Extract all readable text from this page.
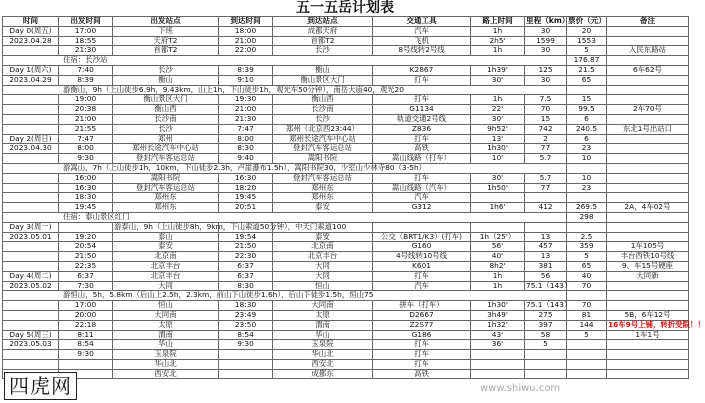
五一五岳计划表
时间	出发时间	出发站点	到达时间	到达站点	交通工具	路上时间	里程（km）	票价（元）	备注
Day 0(周五)	17:00	下班	18:00	成都天府	汽车	1h	30	20	
2023.04.28	18:55	天府T2	21:00	首都T2	飞机	2h5'	1599	1553	
	21:30	首都T2	22:00	长沙	8号线转2号线	1h	30	5	入民东路站
住宿：长沙站								176.87	
Day 1(周六)	7:40	长沙	8:39	衡山	K2867	1h39'	125	21.5	6车62号
2023.04.29	8:39	衡山	9:10	衡山景区大门	打车	30'	30	65	
游衡山，9h（上山徒步6.9h，9.43km，山上1h，下山徒步1h，观光车50分钟），南岳大庙40，观光20									
	19:00	衡山景区大门	19:30	衡山西	打车	1h	7.5	15	
	20:38	衡山西	21:00	长沙南	G1134	22'	70	99.5	2车70号
	21:00	长沙南	21:30	长沙	轨道交通2号线	30'	15	6	
	21:55	长沙	7:47	郑州（北京西23:44）	Z836	9h52'	742	240.5	东北1号出站口
Day 2(周日)	7:47	郑州	8:00	郑州长途汽车中心站	打车	13'	2	6	
2023.04.30	8:00	郑州长途汽车中心站	8:30	登封汽车客运总站	高铁	1h30'	77	23	
	9:30	登封汽车客运总站	9:40	嵩阳书院	嵩山线路（打车）	10'	5.7	10	
游嵩山，7h（上山徒步1h，10km，下山徒步2.3h，卢崖瀑布1.5h），嵩阳书院30，少室山少林寺80（3-5h）									
	16:00	嵩阳书院	16:30	登封汽车客运总站	打车	30'	5.7	10	
	16:30	登封汽车客运总站	18:20	郑州东	嵩山线路（汽车）	1h50'	77	23	
	18:30	郑州东	19:45	郑州东	汽车				
	19:45	郑州东	20:51	泰安	G312	1h6'	412	269.5	2A，4车02号
住宿：泰山景区红门								298	
Day 3(周一)		游泰山，9h（上山徒步8h，9km，下山索道50分钟），中天门索道100							
2023.05.01	19:20	泰山	19:54	泰安	公交（BRT1/K3）(打车)	1h（25'）	13	2.5	
	20:54	泰安	21:50	北京南	G160	56'	457	359	1车105号
	21:50	北京南	22:30	北京丰台	4号线转10号线	40'	13	5	丰台西铁10号线
	22:35	北京丰台	6:37	大同	K601	8h2'	381	65	9、车15号硬座
Day 4(周二)	6:37	北京丰台	6:37	大同	打车	1h	56	40	大同新
2023.05.02	7:30	大同	8:30	恒山	汽车	1h	75.1（143）	70	
游恒山，5h，5.8km（后山上2.5h，2.3km，前山下山徒步1.6h），后山下徒步1.5h，恒山75									
	17:00	恒山	18:30	大同南	拼车（打车）	1h30'	75.1（143）	70	
	20:00	大同南	23:49	太原	D2667	3h49'	275	81	5B，6车12号
	22:18	太原	23:50	渭南	Z2S77	1h32'	397	144	16车9号上铺，转折受限！！
Day 5(周三)	8:11	渭南	8:54	华山	G186	43'	58	5	1车1号
2023.05.03	8:54	华山	9:30	玉泉院	打车	36'	5		
	9:30	玉泉院		华山北	打车				
		华山北		西安北	打车				
		西安北		成都东	高铁				
四虎网	www.shiwu.com
